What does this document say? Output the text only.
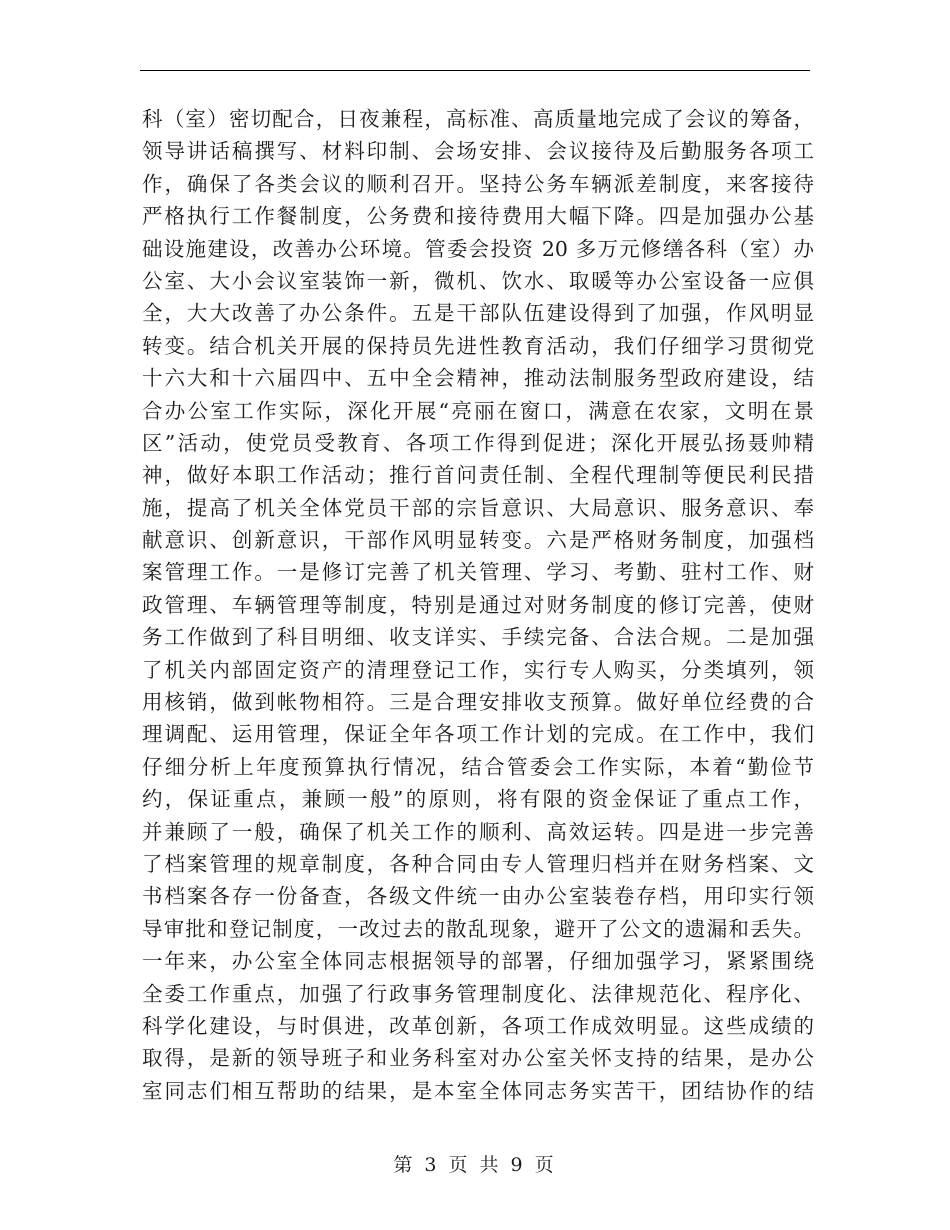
科（室）密切配合，日夜兼程，高标准、高质量地完成了会议的筹备，
领导讲话稿撰写、材料印制、会场安排、会议接待及后勤服务各项工
作，确保了各类会议的顺利召开。坚持公务车辆派差制度，来客接待
严格执行工作餐制度，公务费和接待费用大幅下降。四是加强办公基
础设施建设，改善办公环境。管委会投资 20 多万元修缮各科（室）办
公室、大小会议室装饰一新，微机、饮水、取暖等办公室设备一应俱
全，大大改善了办公条件。五是干部队伍建设得到了加强，作风明显
转变。结合机关开展的保持员先进性教育活动，我们仔细学习贯彻党
十六大和十六届四中、五中全会精神，推动法制服务型政府建设，结
合办公室工作实际，深化开展“亮丽在窗口，满意在农家，文明在景
区”活动，使党员受教育、各项工作得到促进；深化开展弘扬聂帅精
神，做好本职工作活动；推行首问责任制、全程代理制等便民利民措
施，提高了机关全体党员干部的宗旨意识、大局意识、服务意识、奉
献意识、创新意识，干部作风明显转变。六是严格财务制度，加强档
案管理工作。一是修订完善了机关管理、学习、考勤、驻村工作、财
政管理、车辆管理等制度，特别是通过对财务制度的修订完善，使财
务工作做到了科目明细、收支详实、手续完备、合法合规。二是加强
了机关内部固定资产的清理登记工作，实行专人购买，分类填列，领
用核销，做到帐物相符。三是合理安排收支预算。做好单位经费的合
理调配、运用管理，保证全年各项工作计划的完成。在工作中，我们
仔细分析上年度预算执行情况，结合管委会工作实际，本着“勤俭节
约，保证重点，兼顾一般”的原则，将有限的资金保证了重点工作，
并兼顾了一般，确保了机关工作的顺利、高效运转。四是进一步完善
了档案管理的规章制度，各种合同由专人管理归档并在财务档案、文
书档案各存一份备查，各级文件统一由办公室装卷存档，用印实行领
导审批和登记制度，一改过去的散乱现象，避开了公文的遗漏和丢失。
一年来，办公室全体同志根据领导的部署，仔细加强学习，紧紧围绕
全委工作重点，加强了行政事务管理制度化、法律规范化、程序化、
科学化建设，与时俱进，改革创新，各项工作成效明显。这些成绩的
取得，是新的领导班子和业务科室对办公室关怀支持的结果，是办公
室同志们相互帮助的结果，是本室全体同志务实苦干，团结协作的结
第 3 页 共 9 页
